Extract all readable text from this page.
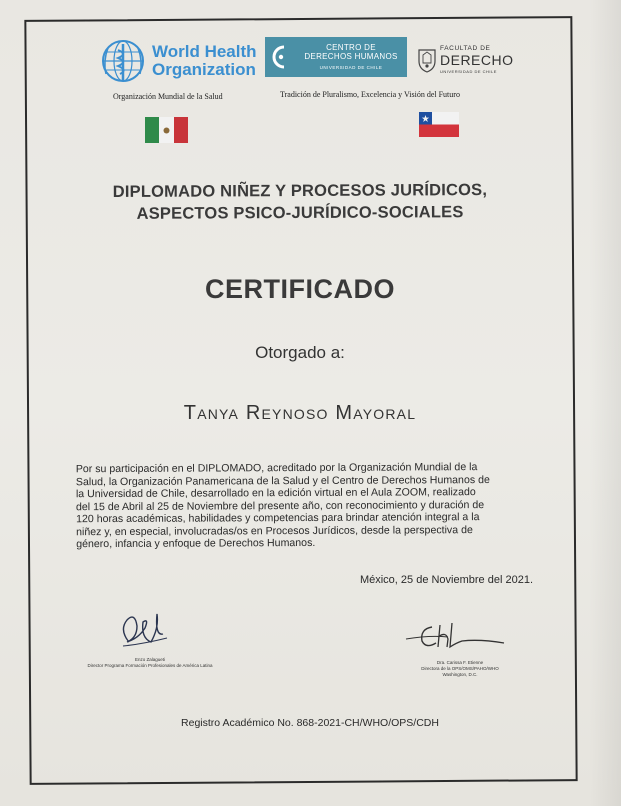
World Health
Organization
CENTRO DE
DERECHOS HUMANOS
UNIVERSIDAD DE CHILE
FACULTAD DE
DERECHO
UNIVERSIDAD DE CHILE
Organización Mundial de la Salud	Tradición de Pluralismo, Excelencia y Visión del Futuro
DIPLOMADO NIÑEZ Y PROCESOS JURÍDICOS,
ASPECTOS PSICO-JURÍDICO-SOCIALES
CERTIFICADO
Otorgado a:
Tanya Reynoso Mayoral
Por su participación en el DIPLOMADO, acreditado por la Organización Mundial de la
Salud, la Organización Panamericana de la Salud y el Centro de Derechos Humanos de
la Universidad de Chile, desarrollado en la edición virtual en el Aula ZOOM, realizado
del 15 de Abril al 25 de Noviembre del presente año, con reconocimiento y duración de
120 horas académicas, habilidades y competencias para brindar atención integral a la
niñez y, en especial, involucradas/os en Procesos Jurídicos, desde la perspectiva de
género, infancia y enfoque de Derechos Humanos.
México, 25 de Noviembre del 2021.
Enzo Zalagueti
Director Programa Formación Profesionales de América Latina
Dra. Carissa F. Etienne
Directora de la OPS/OMS/PAHO/WHO
Washington, D.C.
Registro Académico No. 868-2021-CH/WHO/OPS/CDH
